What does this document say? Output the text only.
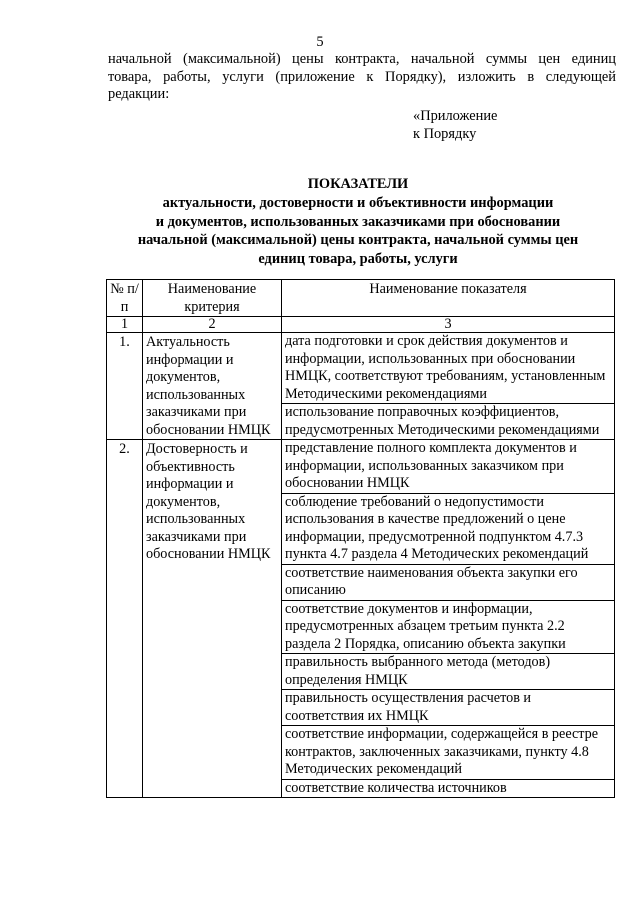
5
начальной (максимальной) цены контракта, начальной суммы цен единиц
товара, работы, услуги (приложение к Порядку), изложить в следующей
редакции:
«Приложение
к Порядку
ПОКАЗАТЕЛИ
актуальности, достоверности и объективности информации
и документов, использованных заказчиками при обосновании
начальной (максимальной) цены контракта, начальной суммы цен
единиц товара, работы, услуги
№ п/п	Наименование критерия	Наименование показателя
1	2	3
1.	Актуальность информации и документов, использованных заказчиками при обосновании НМЦК	дата подготовки и срок действия документов и информации, использованных при обосновании НМЦК, соответствуют требованиям, установленным Методическими рекомендациями
		использование поправочных коэффициентов, предусмотренных Методическими рекомендациями
2.	Достоверность и объективность информации и документов, использованных заказчиками при обосновании НМЦК	представление полного комплекта документов и информации, использованных заказчиком при обосновании НМЦК
		соблюдение требований о недопустимости использования в качестве предложений о цене информации, предусмотренной подпунктом 4.7.3 пункта 4.7 раздела 4 Методических рекомендаций
		соответствие наименования объекта закупки его описанию
		соответствие документов и информации, предусмотренных абзацем третьим пункта 2.2 раздела 2 Порядка, описанию объекта закупки
		правильность выбранного метода (методов) определения НМЦК
		правильность осуществления расчетов и соответствия их НМЦК
		соответствие информации, содержащейся в реестре контрактов, заключенных заказчиками, пункту 4.8 Методических рекомендаций
		соответствие количества источников
